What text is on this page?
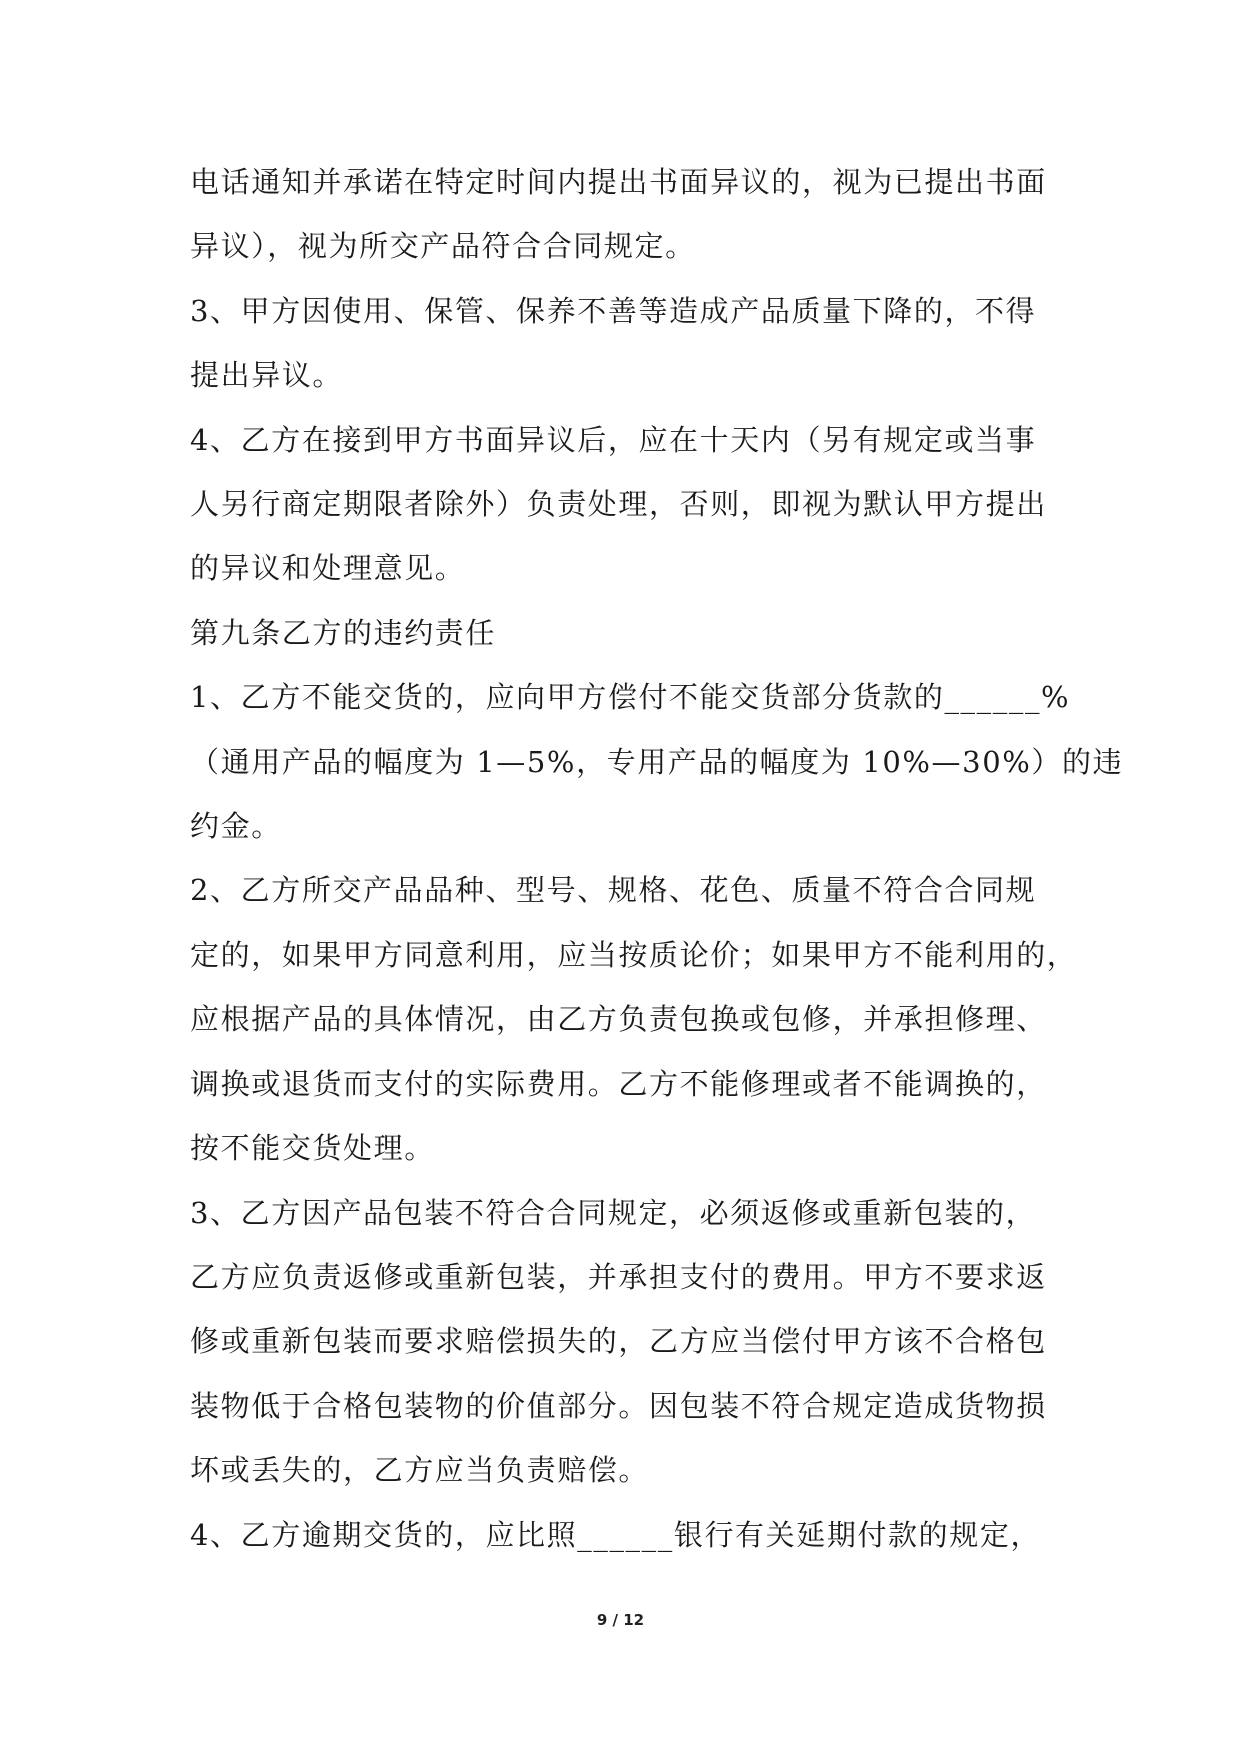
电话通知并承诺在特定时间内提出书面异议的，视为已提出书面
异议），视为所交产品符合合同规定。
3、甲方因使用、保管、保养不善等造成产品质量下降的，不得
提出异议。
4、乙方在接到甲方书面异议后，应在十天内（另有规定或当事
人另行商定期限者除外）负责处理，否则，即视为默认甲方提出
的异议和处理意见。
第九条乙方的违约责任
1、乙方不能交货的，应向甲方偿付不能交货部分货款的______%
（通用产品的幅度为 1—5%，专用产品的幅度为 10%—30%）的违
约金。
2、乙方所交产品品种、型号、规格、花色、质量不符合合同规
定的，如果甲方同意利用，应当按质论价；如果甲方不能利用的，
应根据产品的具体情况，由乙方负责包换或包修，并承担修理、
调换或退货而支付的实际费用。乙方不能修理或者不能调换的，
按不能交货处理。
3、乙方因产品包装不符合合同规定，必须返修或重新包装的，
乙方应负责返修或重新包装，并承担支付的费用。甲方不要求返
修或重新包装而要求赔偿损失的，乙方应当偿付甲方该不合格包
装物低于合格包装物的价值部分。因包装不符合规定造成货物损
坏或丢失的，乙方应当负责赔偿。
4、乙方逾期交货的，应比照______银行有关延期付款的规定，
9 / 12
